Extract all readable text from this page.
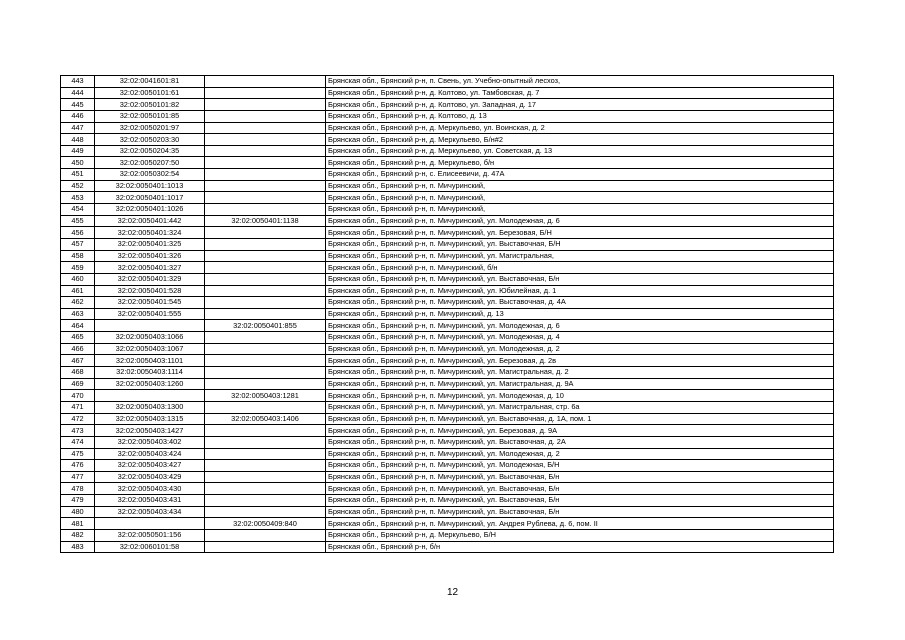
443	32:02:0041601:81		Брянская обл., Брянский р-н, п. Свень, ул. Учебно-опытный лесхоз,
444	32:02:0050101:61		Брянская обл., Брянский р-н, д. Колтово, ул. Тамбовская, д. 7
445	32:02:0050101:82		Брянская обл., Брянский р-н, д. Колтово, ул. Западная, д. 17
446	32:02:0050101:85		Брянская обл., Брянский р-н, д. Колтово, д. 13
447	32:02:0050201:97		Брянская обл., Брянский р-н, д. Меркульево, ул. Воинская, д. 2
448	32:02:0050203:30		Брянская обл., Брянский р-н, д. Меркульево, Б/н#2
449	32:02:0050204:35		Брянская обл., Брянский р-н, д. Меркульево, ул. Советская, д. 13
450	32:02:0050207:50		Брянская обл., Брянский р-н, д. Меркульево, б/н
451	32:02:0050302:54		Брянская обл., Брянский р-н, с. Елисеевичи, д. 47А
452	32:02:0050401:1013		Брянская обл., Брянский р-н, п. Мичуринский,
453	32:02:0050401:1017		Брянская обл., Брянский р-н, п. Мичуринский,
454	32:02:0050401:1026		Брянская обл., Брянский р-н, п. Мичуринский,
455	32:02:0050401:442	32:02:0050401:1138	Брянская обл., Брянский р-н, п. Мичуринский, ул. Молодежная, д. 6
456	32:02:0050401:324		Брянская обл., Брянский р-н, п. Мичуринский, ул. Березовая, Б/Н
457	32:02:0050401:325		Брянская обл., Брянский р-н, п. Мичуринский, ул. Выставочная, Б/Н
458	32:02:0050401:326		Брянская обл., Брянский р-н, п. Мичуринский, ул. Магистральная,
459	32:02:0050401:327		Брянская обл., Брянский р-н, п. Мичуринский, б/н
460	32:02:0050401:329		Брянская обл., Брянский р-н, п. Мичуринский, ул. Выставочная, Б/н
461	32:02:0050401:528		Брянская обл., Брянский р-н, п. Мичуринский, ул. Юбилейная, д. 1
462	32:02:0050401:545		Брянская обл., Брянский р-н, п. Мичуринский, ул. Выставочная, д. 4А
463	32:02:0050401:555		Брянская обл., Брянский р-н, п. Мичуринский, д. 13
464		32:02:0050401:855	Брянская обл., Брянский р-н, п. Мичуринский, ул. Молодежная, д. 6
465	32:02:0050403:1066		Брянская обл., Брянский р-н, п. Мичуринский, ул. Молодежная, д. 4
466	32:02:0050403:1067		Брянская обл., Брянский р-н, п. Мичуринский, ул. Молодежная, д. 2
467	32:02:0050403:1101		Брянская обл., Брянский р-н, п. Мичуринский, ул. Березовая, д. 2в
468	32:02:0050403:1114		Брянская обл., Брянский р-н, п. Мичуринский, ул. Магистральная, д. 2
469	32:02:0050403:1260		Брянская обл., Брянский р-н, п. Мичуринский, ул. Магистральная, д. 9А
470		32:02:0050403:1281	Брянская обл., Брянский р-н, п. Мичуринский, ул. Молодежная, д. 10
471	32:02:0050403:1300		Брянская обл., Брянский р-н, п. Мичуринский, ул. Магистральная, стр. 6а
472	32:02:0050403:1315	32:02:0050403:1406	Брянская обл., Брянский р-н, п. Мичуринский, ул. Выставочная, д. 1А, пом. 1
473	32:02:0050403:1427		Брянская обл., Брянский р-н, п. Мичуринский, ул. Березовая, д. 9А
474	32:02:0050403:402		Брянская обл., Брянский р-н, п. Мичуринский, ул. Выставочная, д. 2А
475	32:02:0050403:424		Брянская обл., Брянский р-н, п. Мичуринский, ул. Молодежная, д. 2
476	32:02:0050403:427		Брянская обл., Брянский р-н, п. Мичуринский, ул. Молодежная, Б/Н
477	32:02:0050403:429		Брянская обл., Брянский р-н, п. Мичуринский, ул. Выставочная, Б/н
478	32:02:0050403:430		Брянская обл., Брянский р-н, п. Мичуринский, ул. Выставочная, Б/н
479	32:02:0050403:431		Брянская обл., Брянский р-н, п. Мичуринский, ул. Выставочная, Б/н
480	32:02:0050403:434		Брянская обл., Брянский р-н, п. Мичуринский, ул. Выставочная, Б/н
481		32:02:0050409:840	Брянская обл., Брянский р-н, п. Мичуринский, ул. Андрея Рублева, д. 6, пом. II
482	32:02:0050501:156		Брянская обл., Брянский р-н, д. Меркульево, Б/Н
483	32:02:0060101:58		Брянская обл., Брянский р-н, б/н
12
